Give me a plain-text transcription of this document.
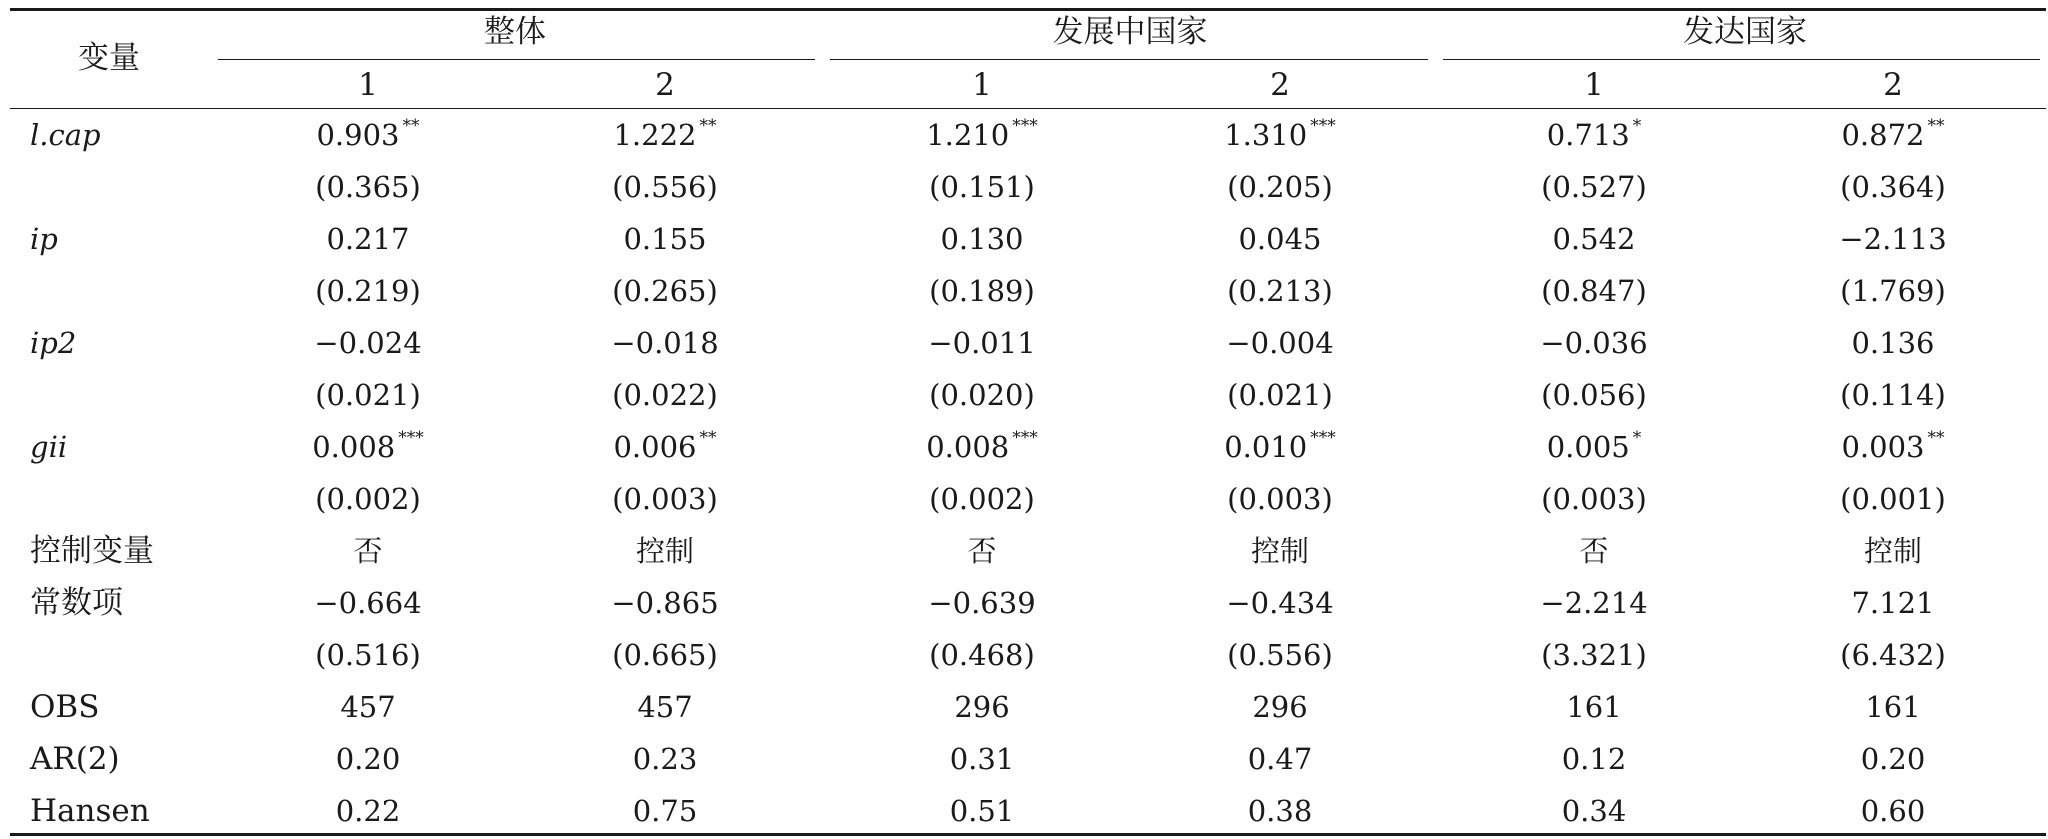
变量
整体	发展中国家	发达国家
1	2	1	2	1	2
l.cap	0.903 **	1.222 **	1.210 ***	1.310 ***	0.713 *	0.872 **
(0.365)	(0.556)	(0.151)	(0.205)	(0.527)	(0.364)
ip	0.217	0.155	0.130	0.045	0.542	−2.113
(0.219)	(0.265)	(0.189)	(0.213)	(0.847)	(1.769)
ip2	−0.024	−0.018	−0.011	−0.004	−0.036	0.136
(0.021)	(0.022)	(0.020)	(0.021)	(0.056)	(0.114)
gii	0.008 ***	0.006 **	0.008 ***	0.010 ***	0.005 *	0.003 **
(0.002)	(0.003)	(0.002)	(0.003)	(0.003)	(0.001)
控制变量	否	控制	否	控制	否	控制
常数项	−0.664	−0.865	−0.639	−0.434	−2.214	7.121
(0.516)	(0.665)	(0.468)	(0.556)	(3.321)	(6.432)
OBS	457	457	296	296	161	161
AR(2)	0.20	0.23	0.31	0.47	0.12	0.20
Hansen	0.22	0.75	0.51	0.38	0.34	0.60
